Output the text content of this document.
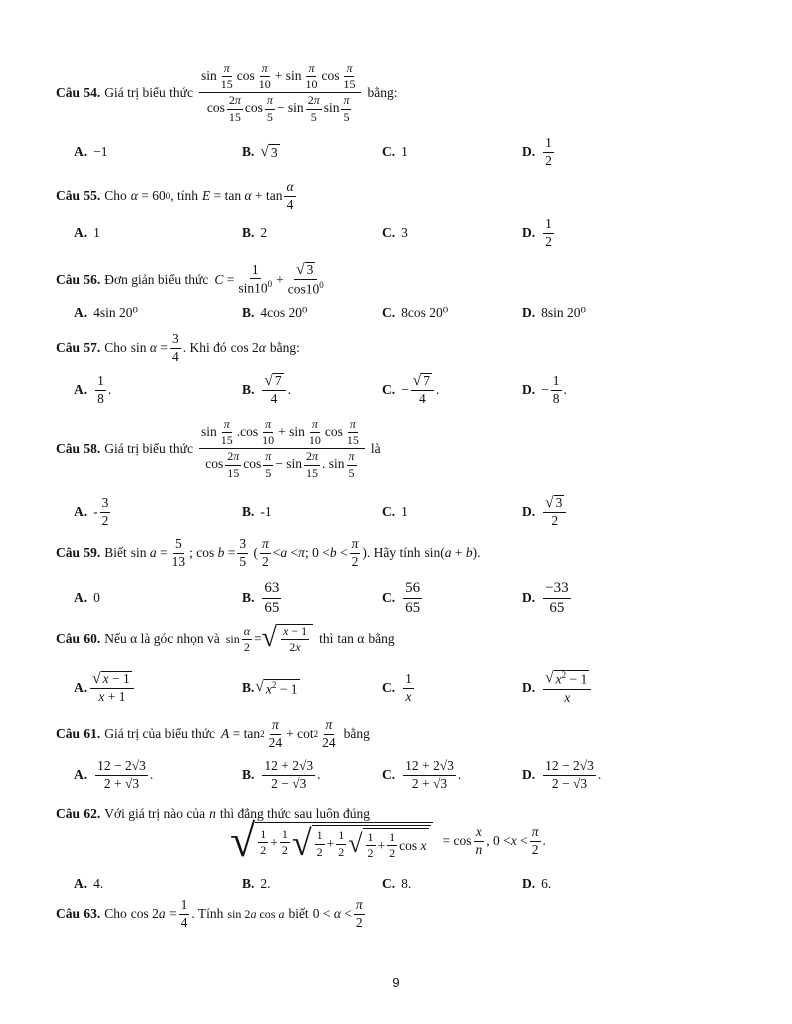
Câu 54. Giá trị biểu thức $\frac{\sin \frac{\pi}{15} \cos \frac{\pi}{10} + \sin \frac{\pi}{10} \cos \frac{\pi}{15}}{\cos \frac{2\pi}{15} \cos \frac{\pi}{5} - \sin \frac{2\pi}{5} \sin \frac{\pi}{5}}$ bằng:
A. −1	B. √ 3	C. 1	D. $\frac{1}{2}$
Câu 55. Cho α = 60 0 , tính $E = \tan \alpha + \tan \frac{\alpha}{4}$
A. 1	B. 2	C. 3	D. $\frac{1}{2}$
Câu 56. Đơn giản biểu thức $C = \frac{1}{\sin 10^0} + \frac{√ 3}{\cos 10^0}$
A. 4sin 20⁰	B. 4cos 20⁰	C. 8cos 20⁰	D. 8sin 20⁰
Câu 57. Cho $\sin \alpha = \frac{3}{4}$ . Khi đó cos 2α bằng:
A. $\frac{1}{8}$ .	B. $\frac{√ 7}{4}$ .	C. − $\frac{√ 7}{4}$ .	D. − $\frac{1}{8}$ .
Câu 58. Giá trị biểu thức $\frac{\sin \frac{\pi}{15} .\cos \frac{\pi}{10} + \sin \frac{\pi}{10} \cos \frac{\pi}{15}}{\cos \frac{2\pi}{15} \cos \frac{\pi}{5} - \sin \frac{2\pi}{15} . \sin \frac{\pi}{5}}$ là
A. - $\frac{3}{2}$	B. -1	C. 1	D. $\frac{√ 3}{2}$
Câu 59. Biết $\sin a = \frac{5}{13}$ ; $\cos b = \frac{3}{5}$ ( $\frac{\pi}{2} < a < \pi$ ; $0 < b < \frac{\pi}{2}$ ). Hãy tính sin(a + b).
A. 0	B. $\frac{63}{65}$	C. $\frac{56}{65}$	D. $\frac{-33}{65}$
Câu 60. Nếu α là góc nhọn và $\sin \frac{\alpha}{2}$ = √ $\frac{x - 1}{2x}$ thì tan α bằng
A. $\frac{√ x - 1}{x + 1}$	B. √ $x^2 - 1$	C. $\frac{1}{x}$	D. $\frac{√ x^2 - 1}{x}$
Câu 61. Giá trị của biểu thức $A = \tan 2 \frac{\pi}{24} + \cot 2 \frac{\pi}{24}$ bằng
A. $\frac{12 - 2√3}{2 + √3}$ .	B. $\frac{12 + 2√3}{2 - √3}$ .	C. $\frac{12 + 2√3}{2 + √3}$ .	D. $\frac{12 - 2√3}{2 - √3}$ .
Câu 62. Với giá trị nào của n thì đẳng thức sau luôn đúng
√ $\frac{1}{2} + \frac{1}{2}$ √ $\frac{1}{2} + \frac{1}{2}$ √ $\frac{1}{2} + \frac{1}{2}$ $\cos x = \cos \frac{x}{n}$ , $0 < x < \frac{\pi}{2}$ .
A. 4.	B. 2.	C. 8.	D. 6.
Câu 63. Cho $\cos 2a = \frac{1}{4}$ . Tính sin 2a cos a biết $0 < \alpha < \frac{\pi}{2}$
9
